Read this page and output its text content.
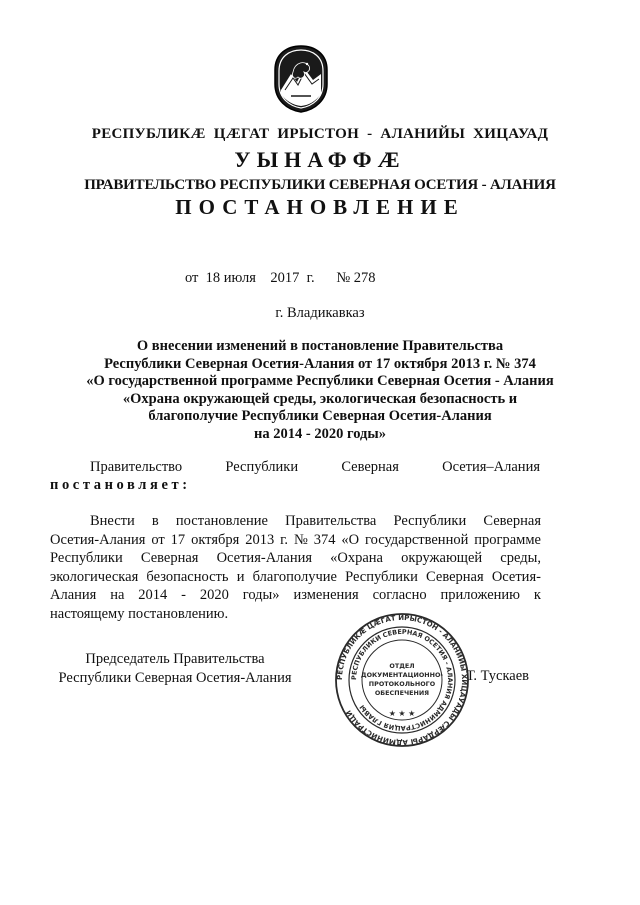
РЕСПУБЛИКÆ ЦÆГАТ ИРЫСТОН - АЛАНИЙЫ ХИЦАУАД
УЫНАФФÆ
ПРАВИТЕЛЬСТВО РЕСПУБЛИКИ СЕВЕРНАЯ ОСЕТИЯ - АЛАНИЯ
ПОСТАНОВЛЕНИЕ
от  18 июля    2017  г.      № 278
г. Владикавказ
О внесении изменений в постановление Правительства
Республики Северная Осетия-Алания от 17 октября 2013 г. № 374
«О государственной программе Республики Северная Осетия - Алания
«Охрана окружающей среды, экологическая безопасность и
благополучие Республики Северная Осетия-Алания
на 2014 - 2020 годы»
Правительство	Республики	Северная	Осетия–Алания
постановляет:
Внести в постановление Правительства Республики Северная
Осетия-Алания от 17 октября 2013 г. № 374 «О государственной программе
Республики Северная Осетия-Алания «Охрана окружающей среды,
экологическая безопасность и благополучие Республики Северная Осетия-
Алания на 2014 - 2020 годы» изменения согласно приложению к
настоящему постановлению.
Председатель Правительства
Республики Северная Осетия-Алания	РЕСПУБЛИКÆ ЦÆГАТ ИРЫСТОН - АЛАНИЙЫ ХИЦАУАДЫ СÆРДАРЫ АДМИНИСТРАЦИ
РЕСПУБЛИКИ СЕВЕРНАЯ ОСЕТИЯ - АЛАНИЯ АДМИНИСТРАЦИЯ ГЛАВЫ
ОТДЕЛ
ДОКУМЕНТАЦИОННО-
ПРОТОКОЛЬНОГО
ОБЕСПЕЧЕНИЯ
★ ★ ★
Т. Тускаев
